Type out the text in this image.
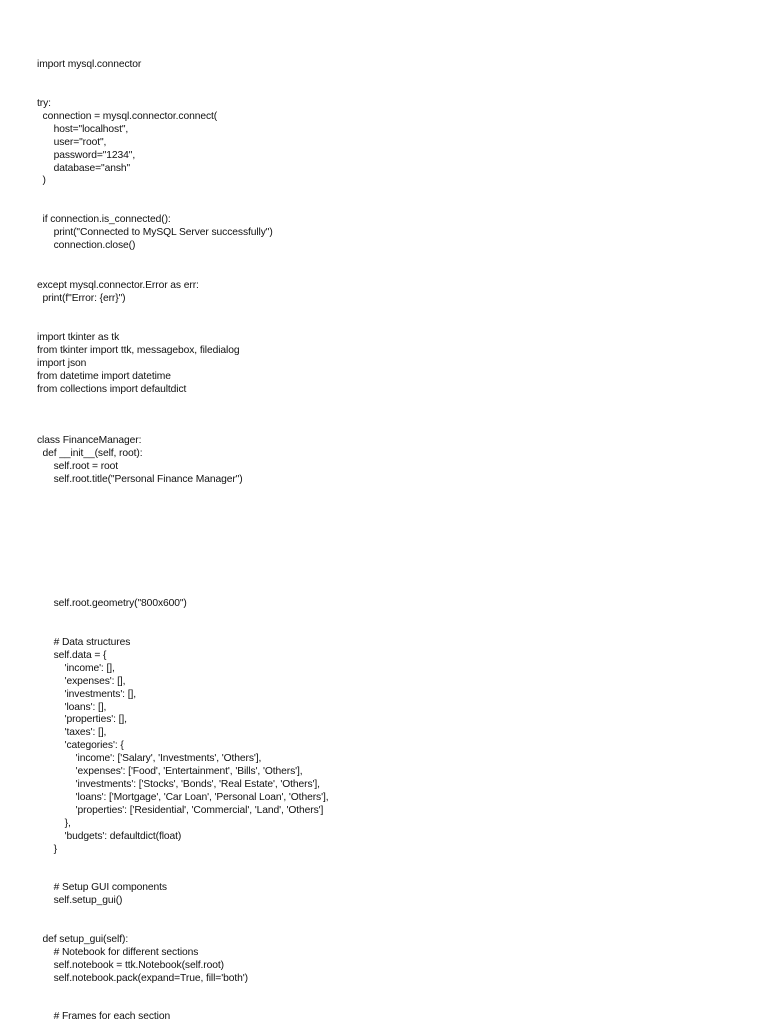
import mysql.connector
try:
connection = mysql.connector.connect(
host="localhost",
user="root",
password="1234",
database="ansh"
)
if connection.is_connected():
print("Connected to MySQL Server successfully")
connection.close()
except mysql.connector.Error as err:
print(f"Error: {err}")
import tkinter as tk
from tkinter import ttk, messagebox, filedialog
import json
from datetime import datetime
from collections import defaultdict
class FinanceManager:
def __init__(self, root):
self.root = root
self.root.title("Personal Finance Manager")
self.root.geometry("800x600")
# Data structures
self.data = {
'income': [],
'expenses': [],
'investments': [],
'loans': [],
'properties': [],
'taxes': [],
'categories': {
'income': ['Salary', 'Investments', 'Others'],
'expenses': ['Food', 'Entertainment', 'Bills', 'Others'],
'investments': ['Stocks', 'Bonds', 'Real Estate', 'Others'],
'loans': ['Mortgage', 'Car Loan', 'Personal Loan', 'Others'],
'properties': ['Residential', 'Commercial', 'Land', 'Others']
},
'budgets': defaultdict(float)
}
# Setup GUI components
self.setup_gui()
def setup_gui(self):
# Notebook for different sections
self.notebook = ttk.Notebook(self.root)
self.notebook.pack(expand=True, fill='both')
# Frames for each section
